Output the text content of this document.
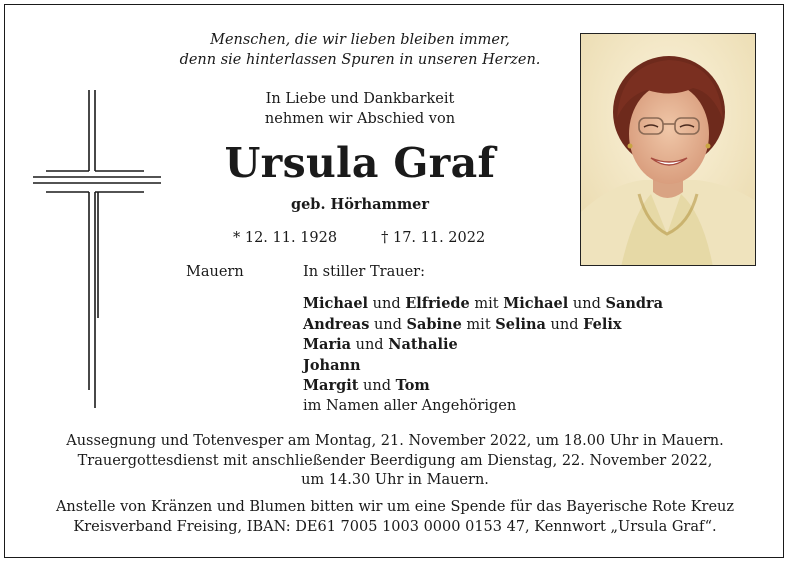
Menschen, die wir lieben bleiben immer,
denn sie hinterlassen Spuren in unseren Herzen.
In Liebe und Dankbarkeit
nehmen wir Abschied von
Ursula Graf
geb. Hörhammer
* 12. 11. 1928	† 17. 11. 2022
Mauern	In stiller Trauer:
Michael und Elfriede mit Michael und Sandra
Andreas und Sabine mit Selina und Felix
Maria und Nathalie
Johann
Margit und Tom
im Namen aller Angehörigen
Aussegnung und Totenvesper am Montag, 21. November 2022, um 18.00 Uhr in Mauern.
Trauergottesdienst mit anschließender Beerdigung am Dienstag, 22. November 2022,
um 14.30 Uhr in Mauern.
Anstelle von Kränzen und Blumen bitten wir um eine Spende für das Bayerische Rote Kreuz
Kreisverband Freising, IBAN: DE61 7005 1003 0000 0153 47, Kennwort „Ursula Graf“.
